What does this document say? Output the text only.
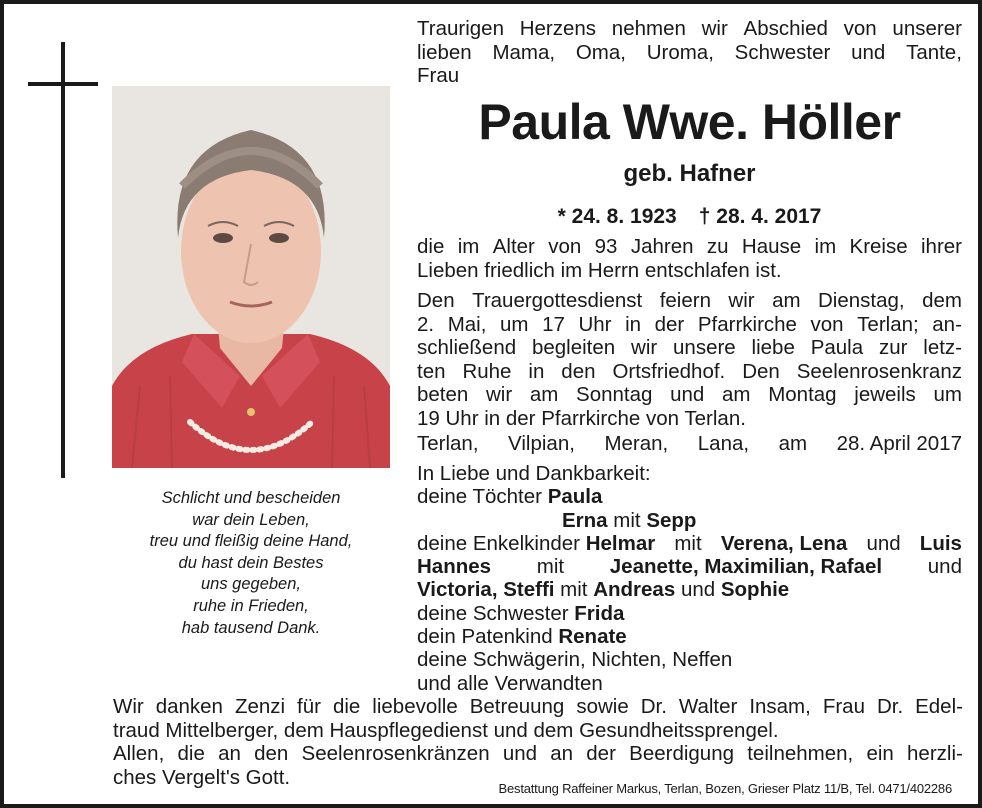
Schlicht und bescheiden
war dein Leben,
treu und fleißig deine Hand,
du hast dein Bestes
uns gegeben,
ruhe in Frieden,
hab tausend Dank.
Traurigen Herzens nehmen wir Abschied von unserer
lieben Mama, Oma, Uroma, Schwester und Tante,
Frau
Paula Wwe. Höller
geb. Hafner
* 24. 8. 1923 † 28. 4. 2017
die im Alter von 93 Jahren zu Hause im Kreise ihrer
Lieben friedlich im Herrn entschlafen ist.
Den Trauergottesdienst feiern wir am Dienstag, dem
2. Mai, um 17 Uhr in der Pfarrkirche von Terlan; an-
schließend begleiten wir unsere liebe Paula zur letz-
ten Ruhe in den Ortsfriedhof. Den Seelenrosenkranz
beten wir am Sonntag und am Montag jeweils um
19 Uhr in der Pfarrkirche von Terlan.
Terlan, Vilpian, Meran, Lana, am 28. April 2017
In Liebe und Dankbarkeit:
deine Töchter Paula
Erna mit Sepp
deine Enkelkinder Helmar mit Verena, Lena und Luis
Hannes mit Jeanette, Maximilian, Rafael und
Victoria, Steffi mit Andreas und Sophie
deine Schwester Frida
dein Patenkind Renate
deine Schwägerin, Nichten, Neffen
und alle Verwandten
Wir danken Zenzi für die liebevolle Betreuung sowie Dr. Walter Insam, Frau Dr. Edel-
traud Mittelberger, dem Hauspflegedienst und dem Gesundheitssprengel.
Allen, die an den Seelenrosenkränzen und an der Beerdigung teilnehmen, ein herzli-
ches Vergelt's Gott.	Bestattung Raffeiner Markus, Terlan, Bozen, Grieser Platz 11/B, Tel. 0471/402286
